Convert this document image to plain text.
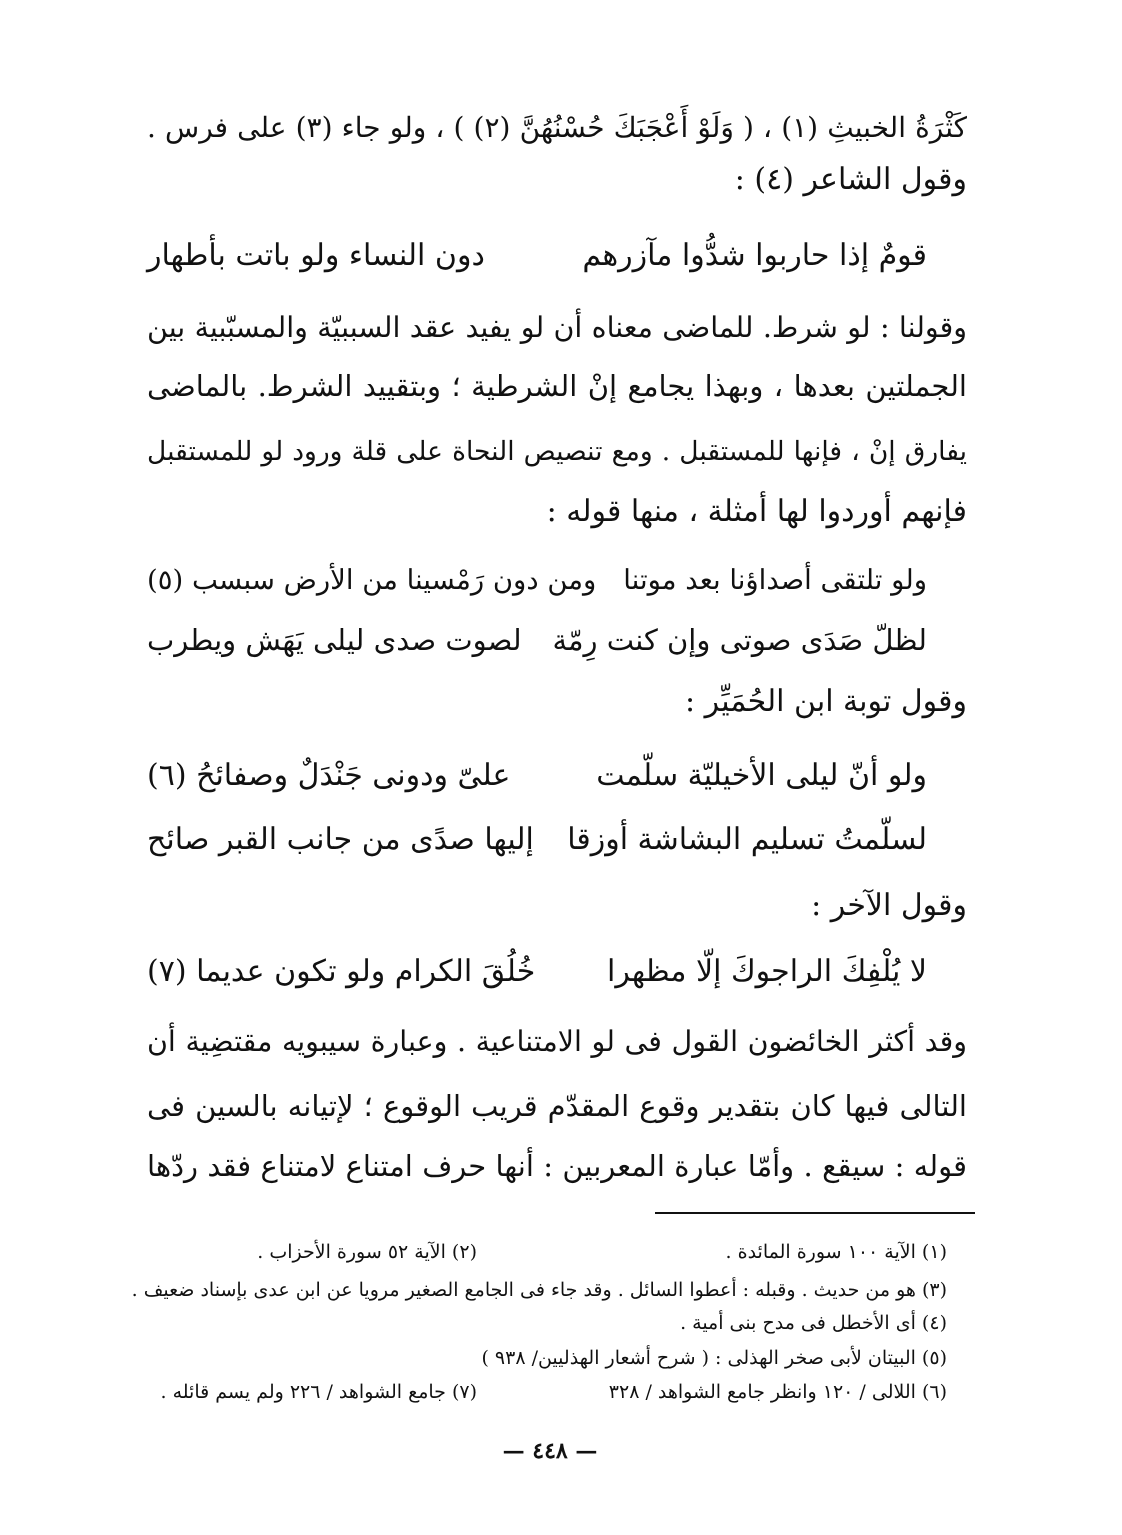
كَثْرَةُ الخبيثِ (١) ، ( وَلَوْ أَعْجَبَكَ حُسْنُهُنَّ (٢) ) ، ولو جاء (٣) على فرس .
وقول الشاعر (٤) :
قومٌ إذا حاربوا شدُّوا مآزرهم
دون النساء ولو باتت بأطهار
وقولنا : لو شرط. للماضى معناه أن لو يفيد عقد السببيّة والمسبّبية بين
الجملتين بعدها ، وبهذا يجامع إنْ الشرطية ؛ وبتقييد الشرط. بالماضى
يفارق إنْ ، فإنها للمستقبل . ومع تنصيص النحاة على قلة ورود لو للمستقبل
فإنهم أوردوا لها أمثلة ، منها قوله :
ولو تلتقى أصداؤنا بعد موتنا
ومن دون رَمْسينا من الأرض سبسب (٥)
لظلّ صَدَى صوتى وإن كنت رِمّة
لصوت صدى ليلى يَهَش ويطرب
وقول توبة ابن الحُمَيِّر :
ولو أنّ ليلى الأخيليّة سلّمت
علىّ ودونى جَنْدَلٌ وصفائحُ (٦)
لسلّمتُ تسليم البشاشة أوزقا
إليها صدًى من جانب القبر صائح
وقول الآخر :
لا يُلْفِكَ الراجوكَ إلّا مظهرا
خُلُقَ الكرام ولو تكون عديما (٧)
وقد أكثر الخائضون القول فى لو الامتناعية . وعبارة سيبويه مقتضِية أن
التالى فيها كان بتقدير وقوع المقدّم قريب الوقوع ؛ لإتيانه بالسين فى
قوله : سيقع . وأمّا عبارة المعربين : أنها حرف امتناع لامتناع فقد ردّها
(١) الآية ١٠٠ سورة المائدة .
(٢) الآية ٥٢ سورة الأحزاب .
(٣) هو من حديث . وقبله : أعطوا السائل . وقد جاء فى الجامع الصغير مرويا عن ابن عدى بإسناد ضعيف .
(٤) أى الأخطل فى مدح بنى أمية .
(٥) البيتان لأبى صخر الهذلى : ( شرح أشعار الهذليين/ ٩٣٨ )
(٦) اللالى / ١٢٠ وانظر جامع الشواهد / ٣٢٨
(٧) جامع الشواهد / ٢٢٦ ولم يسم قائله .
— ٤٤٨ —
